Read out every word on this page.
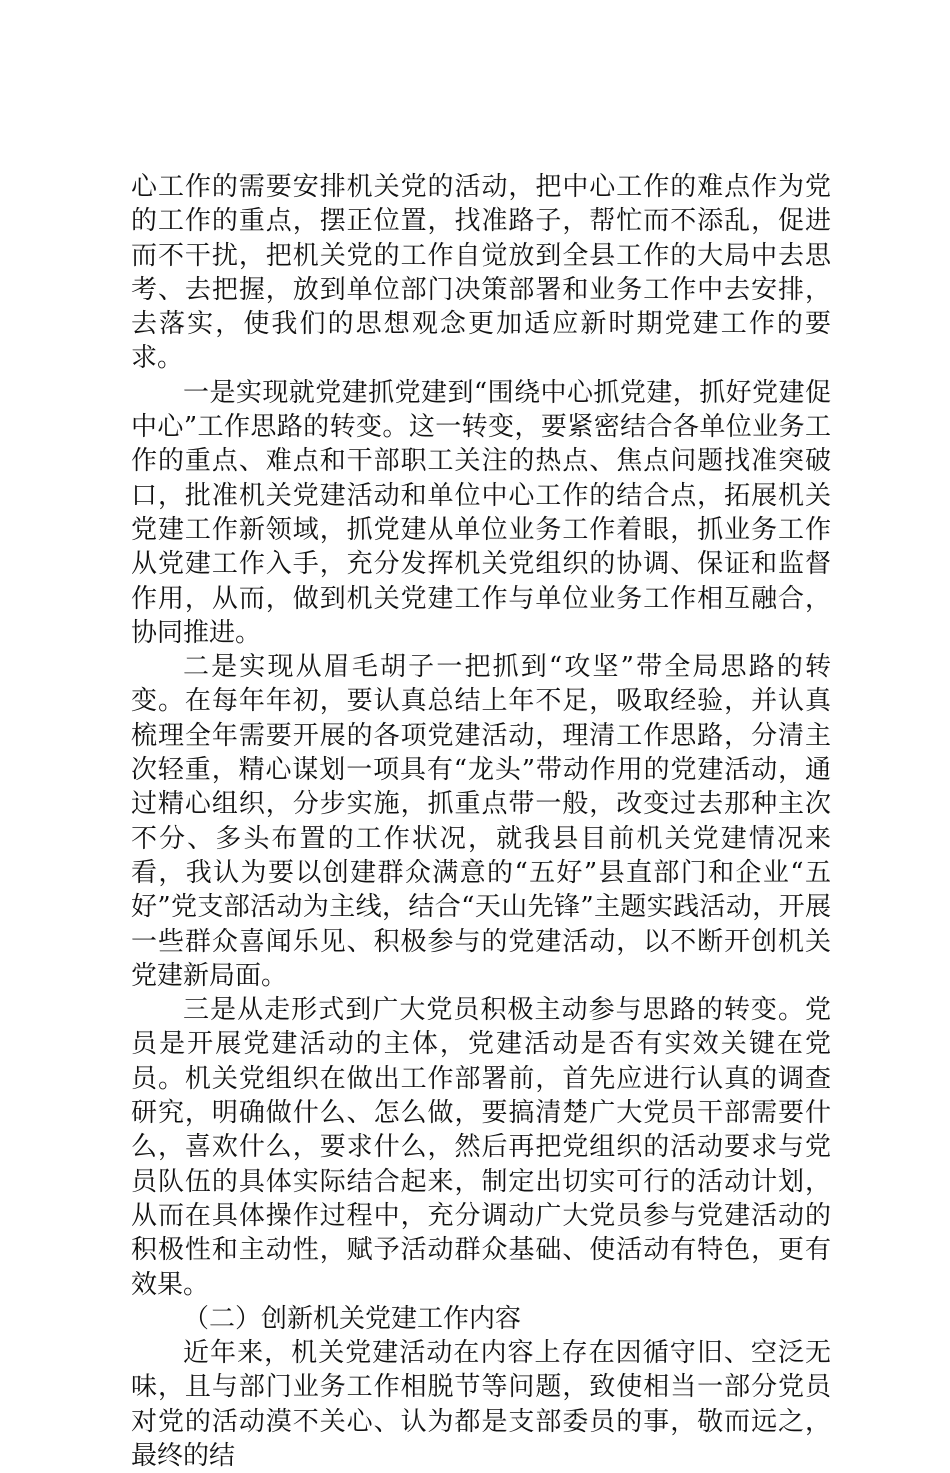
心工作的需要安排机关党的活动，把中心工作的难点作为党的工作的重点，摆正位置，找准路子，帮忙而不添乱，促进而不干扰，把机关党的工作自觉放到全县工作的大局中去思考、去把握，放到单位部门决策部署和业务工作中去安排，去落实，使我们的思想观念更加适应新时期党建工作的要求。

一是实现就党建抓党建到“围绕中心抓党建，抓好党建促中心”工作思路的转变。这一转变，要紧密结合各单位业务工作的重点、难点和干部职工关注的热点、焦点问题找准突破口，批准机关党建活动和单位中心工作的结合点，拓展机关党建工作新领域，抓党建从单位业务工作着眼，抓业务工作从党建工作入手，充分发挥机关党组织的协调、保证和监督作用，从而，做到机关党建工作与单位业务工作相互融合，协同推进。

二是实现从眉毛胡子一把抓到“攻坚”带全局思路的转变。在每年年初，要认真总结上年不足，吸取经验，并认真梳理全年需要开展的各项党建活动，理清工作思路，分清主次轻重，精心谋划一项具有“龙头”带动作用的党建活动，通过精心组织，分步实施，抓重点带一般，改变过去那种主次不分、多头布置的工作状况，就我县目前机关党建情况来看，我认为要以创建群众满意的“五好”县直部门和企业“五好”党支部活动为主线，结合“天山先锋”主题实践活动，开展一些群众喜闻乐见、积极参与的党建活动，以不断开创机关党建新局面。

三是从走形式到广大党员积极主动参与思路的转变。党员是开展党建活动的主体，党建活动是否有实效关键在党员。机关党组织在做出工作部署前，首先应进行认真的调查研究，明确做什么、怎么做，要搞清楚广大党员干部需要什么，喜欢什么，要求什么，然后再把党组织的活动要求与党员队伍的具体实际结合起来，制定出切实可行的活动计划，从而在具体操作过程中，充分调动广大党员参与党建活动的积极性和主动性，赋予活动群众基础、使活动有特色，更有效果。

（二）创新机关党建工作内容

近年来，机关党建活动在内容上存在因循守旧、空泛无味，且与部门业务工作相脱节等问题，致使相当一部分党员对党的活动漠不关心、认为都是支部委员的事，敬而远之，最终的结
